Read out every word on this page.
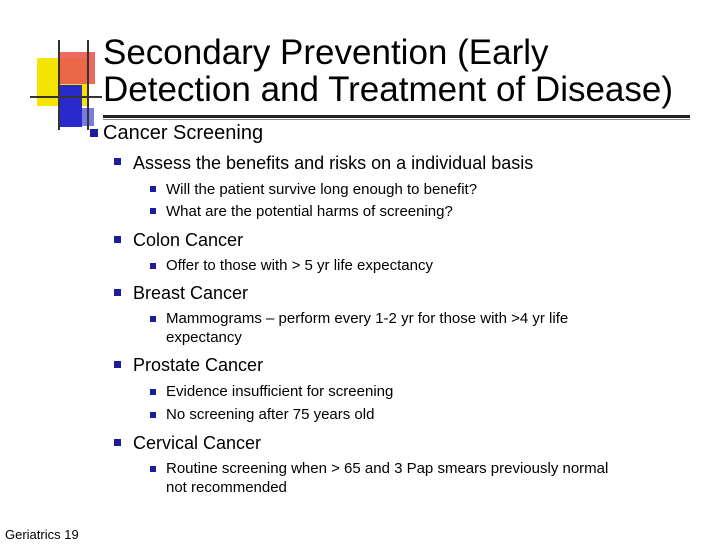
Secondary Prevention (Early
Detection and Treatment of Disease)
Cancer Screening
Assess the benefits and risks on a individual basis
Will the patient survive long enough to benefit?
What are the potential harms of screening?
Colon Cancer
Offer to those with > 5 yr life expectancy
Breast Cancer
Mammograms – perform every 1-2 yr for those with >4 yr life
expectancy
Prostate Cancer
Evidence insufficient for screening
No screening after 75 years old
Cervical Cancer
Routine screening when > 65 and 3 Pap smears previously normal
not recommended
Geriatrics 19
